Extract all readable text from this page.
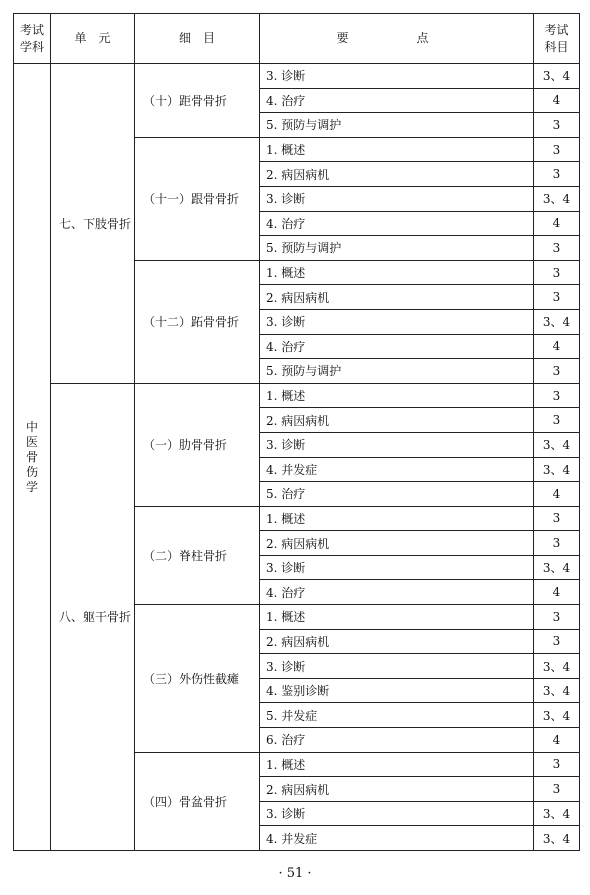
考试学科	单　元	细　目	要　点	考试科目
中医骨伤学	七、下肢骨折	（十）距骨骨折	3. 诊断	3、4
			4. 治疗	4
			5. 预防与调护	3
		（十一）跟骨骨折	1. 概述	3
			2. 病因病机	3
			3. 诊断	3、4
			4. 治疗	4
			5. 预防与调护	3
		（十二）跖骨骨折	1. 概述	3
			2. 病因病机	3
			3. 诊断	3、4
			4. 治疗	4
			5. 预防与调护	3
	八、躯干骨折	（一）肋骨骨折	1. 概述	3
			2. 病因病机	3
			3. 诊断	3、4
			4. 并发症	3、4
			5. 治疗	4
		（二）脊柱骨折	1. 概述	3
			2. 病因病机	3
			3. 诊断	3、4
			4. 治疗	4
		（三）外伤性截瘫	1. 概述	3
			2. 病因病机	3
			3. 诊断	3、4
			4. 鉴别诊断	3、4
			5. 并发症	3、4
			6. 治疗	4
		（四）骨盆骨折	1. 概述	3
			2. 病因病机	3
			3. 诊断	3、4
			4. 并发症	3、4
· 51 ·
